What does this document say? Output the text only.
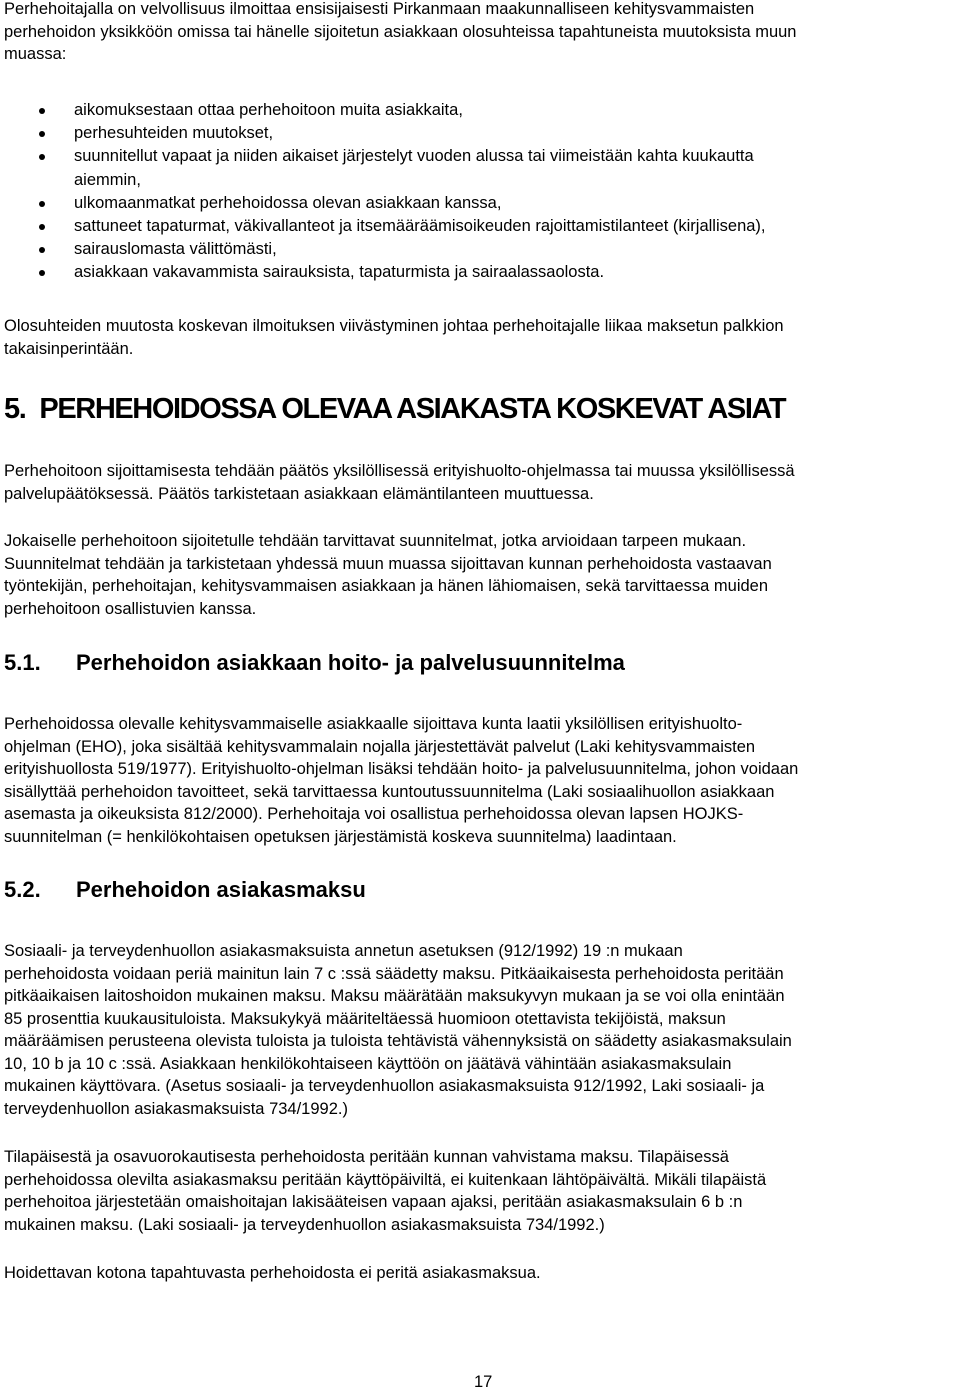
Perhehoitajalla on velvollisuus ilmoittaa ensisijaisesti Pirkanmaan maakunnalliseen kehitysvammaisten
perhehoidon yksikköön omissa tai hänelle sijoitetun asiakkaan olosuhteissa tapahtuneista muutoksista muun
muassa:
aikomuksestaan ottaa perhehoitoon muita asiakkaita,
perhesuhteiden muutokset,
suunnitellut vapaat ja niiden aikaiset järjestelyt vuoden alussa tai viimeistään kahta kuukautta
aiemmin,
ulkomaanmatkat perhehoidossa olevan asiakkaan kanssa,
sattuneet tapaturmat, väkivallanteot ja itsemääräämisoikeuden rajoittamistilanteet (kirjallisena),
sairauslomasta välittömästi,
asiakkaan vakavammista sairauksista, tapaturmista ja sairaalassaolosta.
Olosuhteiden muutosta koskevan ilmoituksen viivästyminen johtaa perhehoitajalle liikaa maksetun palkkion
takaisinperintään.
5. PERHEHOIDOSSA OLEVAA ASIAKASTA KOSKEVAT ASIAT
Perhehoitoon sijoittamisesta tehdään päätös yksilöllisessä erityishuolto-ohjelmassa tai muussa yksilöllisessä
palvelupäätöksessä. Päätös tarkistetaan asiakkaan elämäntilanteen muuttuessa.
Jokaiselle perhehoitoon sijoitetulle tehdään tarvittavat suunnitelmat, jotka arvioidaan tarpeen mukaan.
Suunnitelmat tehdään ja tarkistetaan yhdessä muun muassa sijoittavan kunnan perhehoidosta vastaavan
työntekijän, perhehoitajan, kehitysvammaisen asiakkaan ja hänen lähiomaisen, sekä tarvittaessa muiden
perhehoitoon osallistuvien kanssa.
5.1. Perhehoidon asiakkaan hoito- ja palvelusuunnitelma
Perhehoidossa olevalle kehitysvammaiselle asiakkaalle sijoittava kunta laatii yksilöllisen erityishuolto-
ohjelman (EHO), joka sisältää kehitysvammalain nojalla järjestettävät palvelut (Laki kehitysvammaisten
erityishuollosta 519/1977). Erityishuolto-ohjelman lisäksi tehdään hoito- ja palvelusuunnitelma, johon voidaan
sisällyttää perhehoidon tavoitteet, sekä tarvittaessa kuntoutussuunnitelma (Laki sosiaalihuollon asiakkaan
asemasta ja oikeuksista 812/2000). Perhehoitaja voi osallistua perhehoidossa olevan lapsen HOJKS-
suunnitelman (= henkilökohtaisen opetuksen järjestämistä koskeva suunnitelma) laadintaan.
5.2. Perhehoidon asiakasmaksu
Sosiaali- ja terveydenhuollon asiakasmaksuista annetun asetuksen (912/1992) 19 :n mukaan
perhehoidosta voidaan periä mainitun lain 7 c :ssä säädetty maksu. Pitkäaikaisesta perhehoidosta peritään
pitkäaikaisen laitoshoidon mukainen maksu. Maksu määrätään maksukyvyn mukaan ja se voi olla enintään
85 prosenttia kuukausituloista. Maksukykyä määriteltäessä huomioon otettavista tekijöistä, maksun
määräämisen perusteena olevista tuloista ja tuloista tehtävistä vähennyksistä on säädetty asiakasmaksulain
10, 10 b ja 10 c :ssä. Asiakkaan henkilökohtaiseen käyttöön on jäätävä vähintään asiakasmaksulain
mukainen käyttövara. (Asetus sosiaali- ja terveydenhuollon asiakasmaksuista 912/1992, Laki sosiaali- ja
terveydenhuollon asiakasmaksuista 734/1992.)
Tilapäisestä ja osavuorokautisesta perhehoidosta peritään kunnan vahvistama maksu. Tilapäisessä
perhehoidossa olevilta asiakasmaksu peritään käyttöpäiviltä, ei kuitenkaan lähtöpäivältä. Mikäli tilapäistä
perhehoitoa järjestetään omaishoitajan lakisääteisen vapaan ajaksi, peritään asiakasmaksulain 6 b :n
mukainen maksu. (Laki sosiaali- ja terveydenhuollon asiakasmaksuista 734/1992.)
Hoidettavan kotona tapahtuvasta perhehoidosta ei peritä asiakasmaksua.
17
